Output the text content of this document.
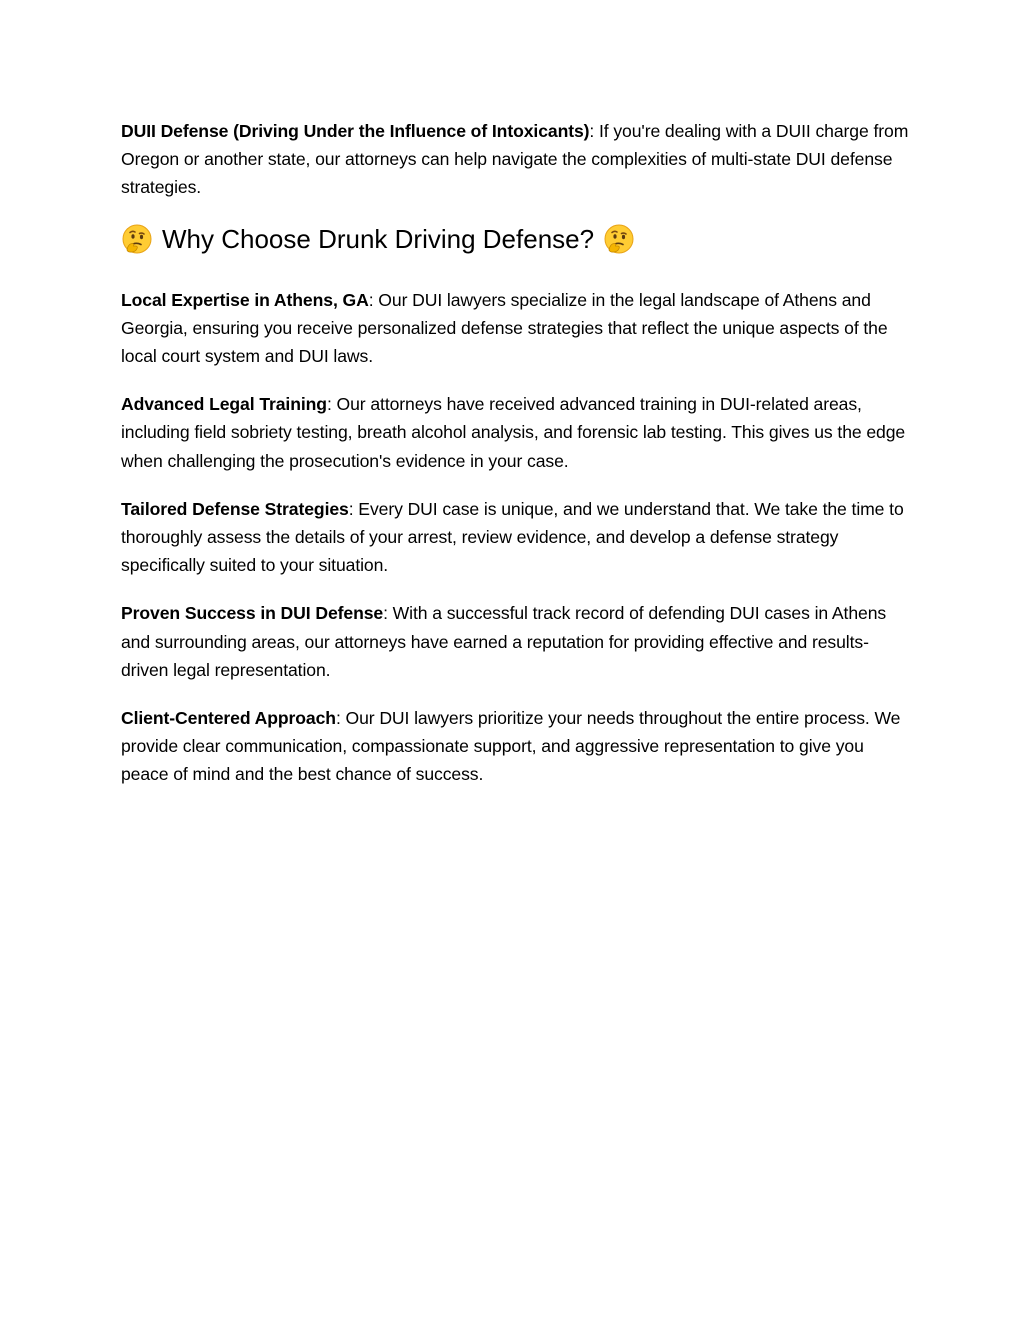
DUII Defense (Driving Under the Influence of Intoxicants): If you're dealing with a DUII charge from Oregon or another state, our attorneys can help navigate the complexities of multi-state DUI defense strategies.

Why Choose Drunk Driving Defense?

Local Expertise in Athens, GA: Our DUI lawyers specialize in the legal landscape of Athens and Georgia, ensuring you receive personalized defense strategies that reflect the unique aspects of the local court system and DUI laws.

Advanced Legal Training: Our attorneys have received advanced training in DUI-related areas, including field sobriety testing, breath alcohol analysis, and forensic lab testing. This gives us the edge when challenging the prosecution's evidence in your case.

Tailored Defense Strategies: Every DUI case is unique, and we understand that. We take the time to thoroughly assess the details of your arrest, review evidence, and develop a defense strategy specifically suited to your situation.

Proven Success in DUI Defense: With a successful track record of defending DUI cases in Athens and surrounding areas, our attorneys have earned a reputation for providing effective and results-driven legal representation.

Client-Centered Approach: Our DUI lawyers prioritize your needs throughout the entire process. We provide clear communication, compassionate support, and aggressive representation to give you peace of mind and the best chance of success.
